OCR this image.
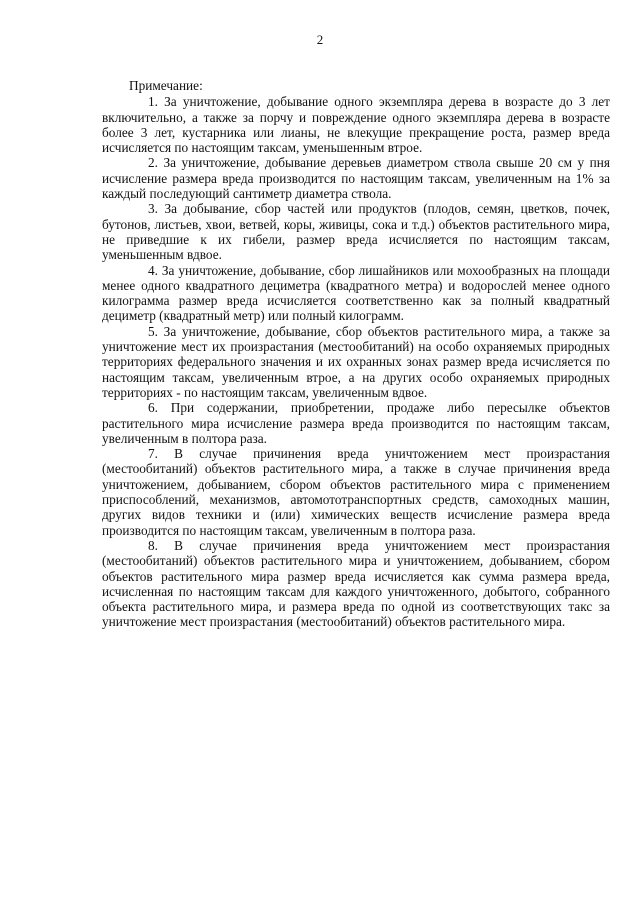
2

Примечание:

1. За уничтожение, добывание одного экземпляра дерева в возрасте до 3 лет включительно, а также за порчу и повреждение одного экземпляра дерева в возрасте более 3 лет, кустарника или лианы, не влекущие прекращение роста, размер вреда исчисляется по настоящим таксам, уменьшенным втрое.

2. За уничтожение, добывание деревьев диаметром ствола свыше 20 см у пня исчисление размера вреда производится по настоящим таксам, увеличенным на 1% за каждый последующий сантиметр диаметра ствола.

3. За добывание, сбор частей или продуктов (плодов, семян, цветков, почек, бутонов, листьев, хвои, ветвей, коры, живицы, сока и т.д.) объектов растительного мира, не приведшие к их гибели, размер вреда исчисляется по настоящим таксам, уменьшенным вдвое.

4. За уничтожение, добывание, сбор лишайников или мохообразных на площади менее одного квадратного дециметра (квадратного метра) и водорослей менее одного килограмма размер вреда исчисляется соответственно как за полный квадратный дециметр (квадратный метр) или полный килограмм.

5. За уничтожение, добывание, сбор объектов растительного мира, а также за уничтожение мест их произрастания (местообитаний) на особо охраняемых природных территориях федерального значения и их охранных зонах размер вреда исчисляется по настоящим таксам, увеличенным втрое, а на других особо охраняемых природных территориях - по настоящим таксам, увеличенным вдвое.

6. При содержании, приобретении, продаже либо пересылке объектов растительного мира исчисление размера вреда производится по настоящим таксам, увеличенным в полтора раза.

7. В случае причинения вреда уничтожением мест произрастания (местообитаний) объектов растительного мира, а также в случае причинения вреда уничтожением, добыванием, сбором объектов растительного мира с применением приспособлений, механизмов, автомототранспортных средств, самоходных машин, других видов техники и (или) химических веществ исчисление размера вреда производится по настоящим таксам, увеличенным в полтора раза.

8. В случае причинения вреда уничтожением мест произрастания (местообитаний) объектов растительного мира и уничтожением, добыванием, сбором объектов растительного мира размер вреда исчисляется как сумма размера вреда, исчисленная по настоящим таксам для каждого уничтоженного, добытого, собранного объекта растительного мира, и размера вреда по одной из соответствующих такс за уничтожение мест произрастания (местообитаний) объектов растительного мира.
